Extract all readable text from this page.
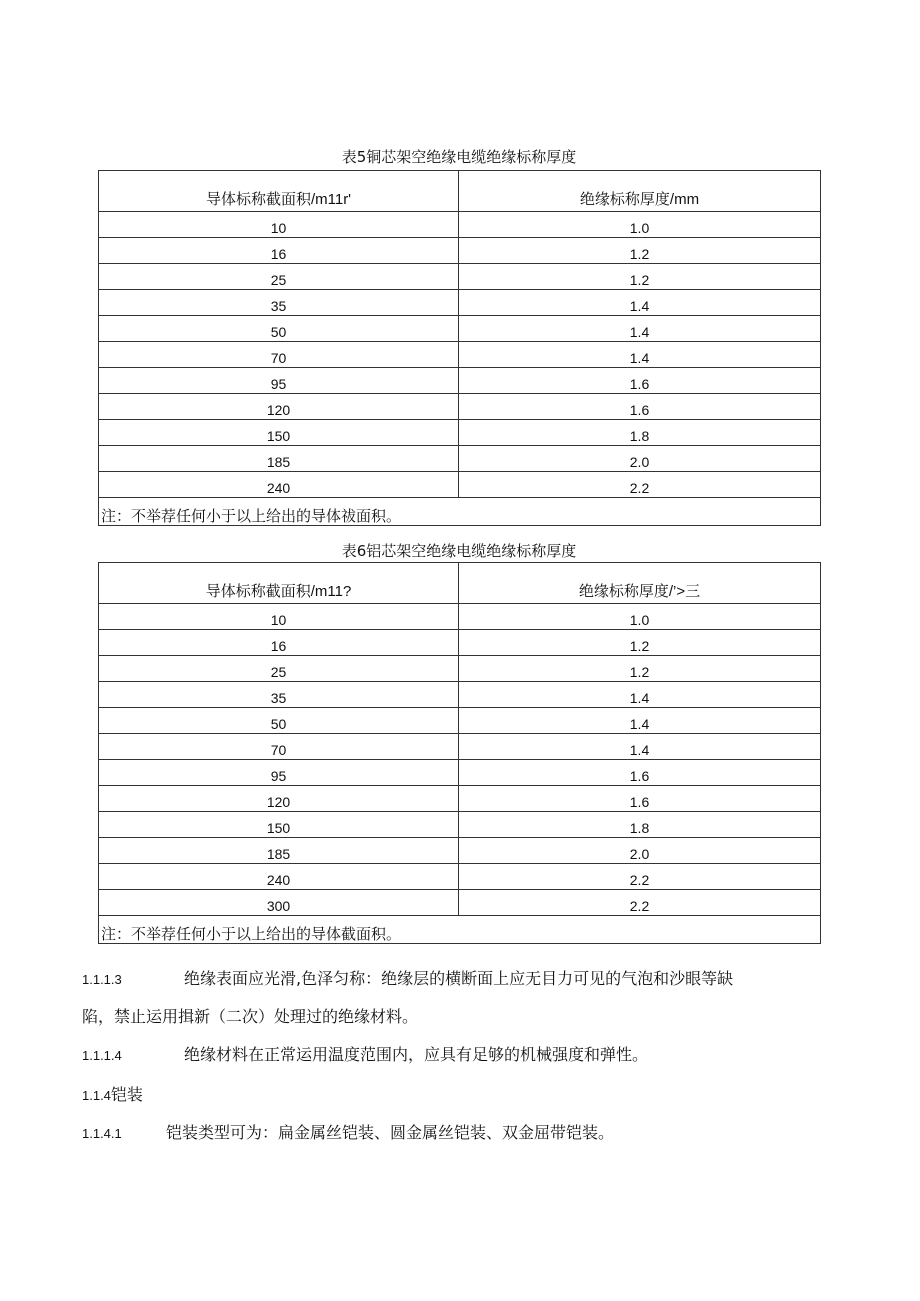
表5铜芯架空绝缘电缆绝缘标称厚度
导体标称截面积/m11r'	绝缘标称厚度/mm
10	1.0
16	1.2
25	1.2
35	1.4
50	1.4
70	1.4
95	1.6
120	1.6
150	1.8
185	2.0
240	2.2
注：不举荐任何小于以上给出的导体祓面积。	
表6铝芯架空绝缘电缆绝缘标称厚度
导体标称截面积/m11?	绝缘标称厚度/’>三
10	1.0
16	1.2
25	1.2
35	1.4
50	1.4
70	1.4
95	1.6
120	1.6
150	1.8
185	2.0
240	2.2
300	2.2
注：不举荐任何小于以上给出的导体截面积。	
1.1.1.3	绝缘表面应光滑,色泽匀称：绝缘层的横断面上应无目力可见的气泡和沙眼等缺
陷，禁止运用揖新（二次）处理过的绝缘材料。
1.1.1.4	绝缘材料在正常运用温度范围内，应具有足够的机械强度和弹性。
1.1.4铠装
1.1.4.1	铠装类型可为：扁金属丝铠装、圆金属丝铠装、双金屈带铠装。
